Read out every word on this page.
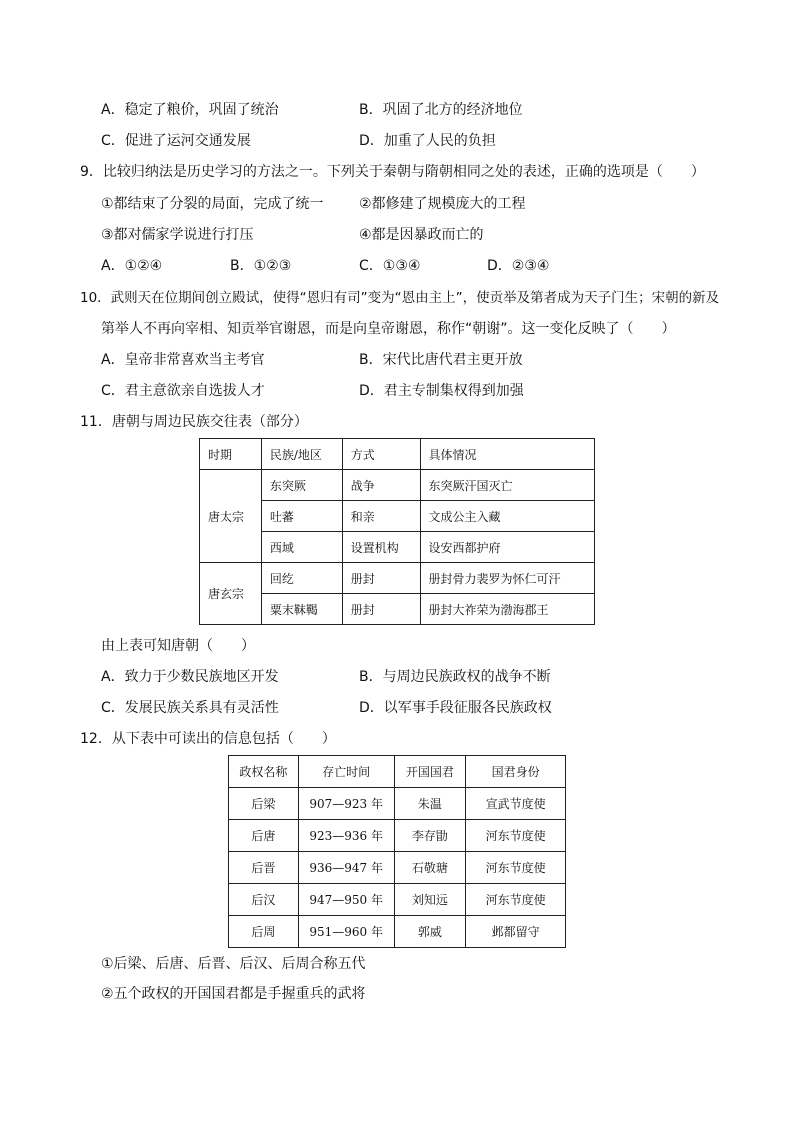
A．稳定了粮价，巩固了统治	B．巩固了北方的经济地位
C．促进了运河交通发展	D．加重了人民的负担
9．比较归纳法是历史学习的方法之一。下列关于秦朝与隋朝相同之处的表述，正确的选项是（　　）
①都结束了分裂的局面，完成了统一	②都修建了规模庞大的工程
③都对儒家学说进行打压	④都是因暴政而亡的
A．①②④	B．①②③	C．①③④	D．②③④
10．武则天在位期间创立殿试，使得“恩归有司”变为“恩由主上”，使贡举及第者成为天子门生；宋朝的新及
第举人不再向宰相、知贡举官谢恩，而是向皇帝谢恩，称作“朝谢”。这一变化反映了（　　）
A．皇帝非常喜欢当主考官	B．宋代比唐代君主更开放
C．君主意欲亲自选拔人才	D．君主专制集权得到加强
11．唐朝与周边民族交往表（部分）
时期	民族/地区	方式	具体情况
唐太宗	东突厥	战争	东突厥汗国灭亡
	吐蕃	和亲	文成公主入藏
	西域	设置机构	设安西都护府
唐玄宗	回纥	册封	册封骨力裴罗为怀仁可汗
	粟末靺鞨	册封	册封大祚荣为渤海郡王
由上表可知唐朝（　　）
A．致力于少数民族地区开发	B．与周边民族政权的战争不断
C．发展民族关系具有灵活性	D．以军事手段征服各民族政权
12．从下表中可读出的信息包括（　　）
政权名称	存亡时间	开国国君	国君身份
后梁	907—923 年	朱温	宣武节度使
后唐	923—936 年	李存勖	河东节度使
后晋	936—947 年	石敬瑭	河东节度使
后汉	947—950 年	刘知远	河东节度使
后周	951—960 年	郭威	邺都留守
①后梁、后唐、后晋、后汉、后周合称五代
②五个政权的开国国君都是手握重兵的武将
